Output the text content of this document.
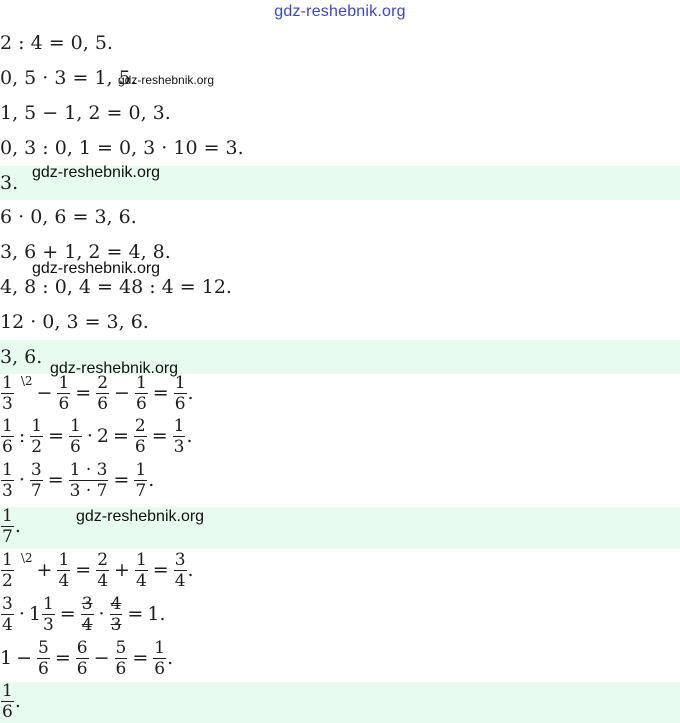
gdz-reshebnik.org
2 : 4 = 0, 5.
0, 5 · 3 = 1, 5.
gdz-reshebnik.org
1, 5 − 1, 2 = 0, 3.
0, 3 : 0, 1 = 0, 3 · 10 = 3.
3. gdz-reshebnik.org
6 · 0, 6 = 3, 6.
3, 6 + 1, 2 = 4, 8.
gdz-reshebnik.org
4, 8 : 0, 4 = 48 : 4 = 12.
12 · 0, 3 = 3, 6.
3, 6.
gdz-reshebnik.org
$\frac{1}{3} ^{\backslash 2}- \frac{1}{6} = \frac{2}{6} - \frac{1}{6} = \frac{1}{6}$ .
$\frac{1}{6}$ : $\frac{1}{2} = \frac{1}{6} \cdot 2 = \frac{2}{6} = \frac{1}{3}$ .
$\frac{1}{3} \cdot \frac{3}{7} = \frac{1 \cdot 3}{3 \cdot 7} = \frac{1}{7}$ .
$\frac{1}{7}$ .	gdz-reshebnik.org
$\frac{1}{2} ^{\backslash 2}+ \frac{1}{4} = \frac{2}{4} + \frac{1}{4} = \frac{3}{4}$ .
$\frac{3}{4} \cdot 1 \frac{1}{3} = \frac{3}{4} \cdot \frac{4}{3} = 1$.
$1 - \frac{5}{6} = \frac{6}{6} - \frac{5}{6} = \frac{1}{6}$ .
$\frac{1}{6}$ .
